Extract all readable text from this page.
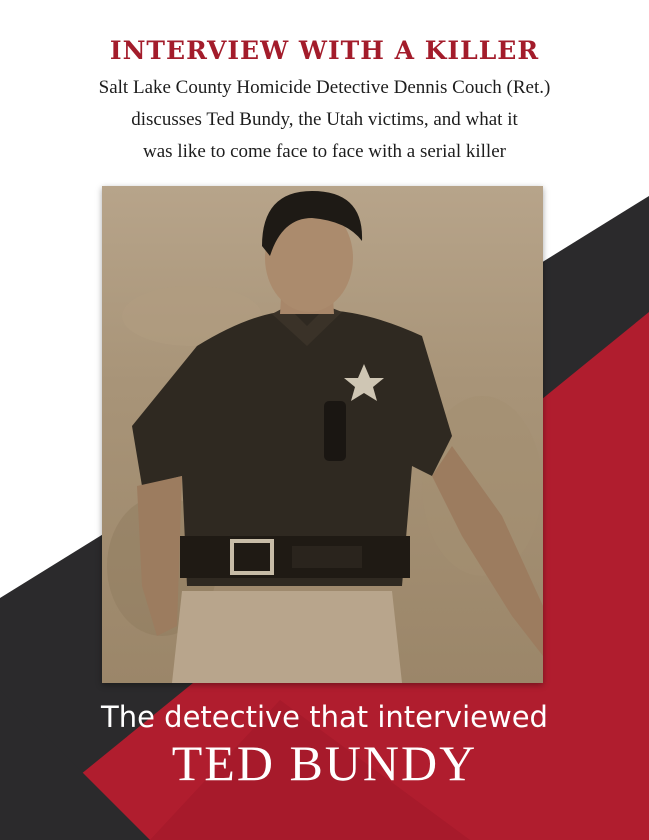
INTERVIEW WITH A KILLER
Salt Lake County Homicide Detective Dennis Couch (Ret.)
discusses Ted Bundy, the Utah victims, and what it
was like to come face to face with a serial killer
The detective that interviewed
TED BUNDY
